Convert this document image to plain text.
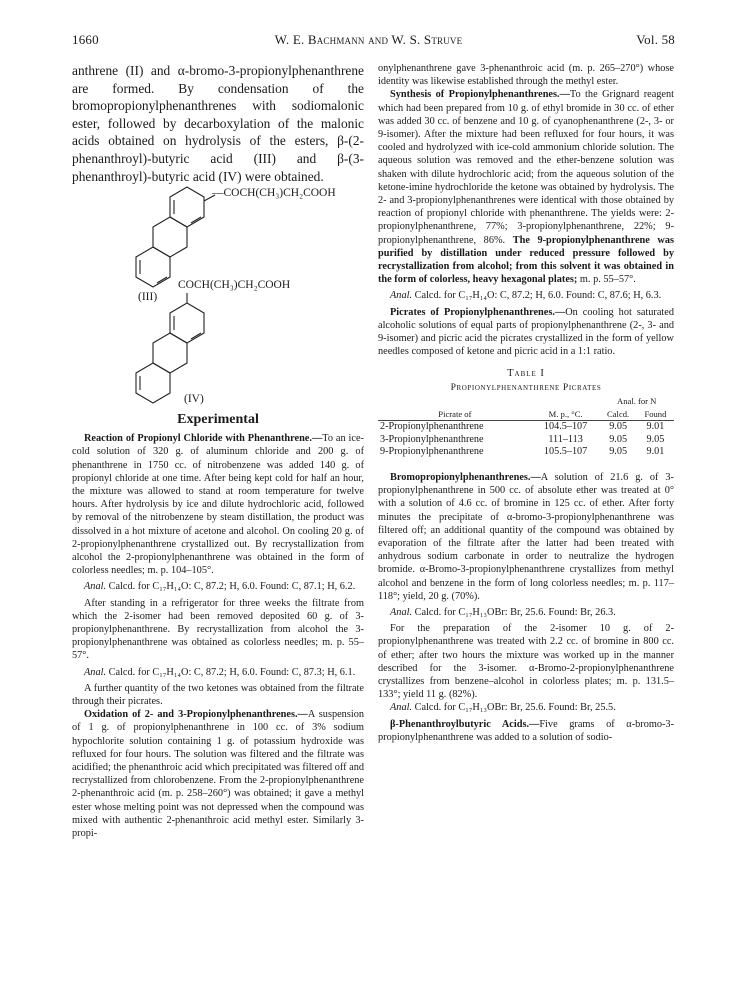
1660	W. E. Bachmann and W. S. Struve	Vol. 58

anthrene (II) and α-bromo-3-propionylphenanthrene are formed. By condensation of the bromopropionylphenanthrenes with sodiomalonic ester, followed by decarboxylation of the malonic acids obtained on hydrolysis of the esters, β-(2-phenanthroyl)-butyric acid (III) and β-(3-phenanthroyl)-butyric acid (IV) were obtained.

—COCH(CH₃)CH₂COOH
(III)
COCH(CH₃)CH₂COOH
(IV)
Experimental

Reaction of Propionyl Chloride with Phenanthrene.—To an ice-cold solution of 320 g. of aluminum chloride and 200 g. of phenanthrene in 1750 cc. of nitrobenzene was added 140 g. of propionyl chloride at one time. After being kept cold for half an hour, the mixture was allowed to stand at room temperature for twelve hours. After hydrolysis by ice and dilute hydrochloric acid, followed by removal of the nitrobenzene by steam distillation, the product was dissolved in a hot mixture of acetone and alcohol. On cooling 20 g. of 2-propionylphenanthrene crystallized out. By recrystallization from alcohol the 2-propionylphenanthrene was obtained in the form of colorless needles; m. p. 104–105°.

Anal. Calcd. for C₁₇H₁₄O: C, 87.2; H, 6.0. Found: C, 87.1; H, 6.2.

After standing in a refrigerator for three weeks the filtrate from which the 2-isomer had been removed deposited 60 g. of 3-propionylphenanthrene. By recrystallization from alcohol the 3-propionylphenanthrene was obtained as colorless needles; m. p. 55–57°.

Anal. Calcd. for C₁₇H₁₄O: C, 87.2; H, 6.0. Found: C, 87.3; H, 6.1.

A further quantity of the two ketones was obtained from the filtrate through their picrates.

Oxidation of 2- and 3-Propionylphenanthrenes.—A suspension of 1 g. of propionylphenanthrene in 100 cc. of 3% sodium hypochlorite solution containing 1 g. of potassium hydroxide was refluxed for four hours. The solution was filtered and the filtrate was acidified; the phenanthroic acid which precipitated was filtered off and recrystallized from chlorobenzene. From the 2-propionylphenanthrene 2-phenanthroic acid (m. p. 258–260°) was obtained; it gave a methyl ester whose melting point was not depressed when the compound was mixed with authentic 2-phenanthroic acid methyl ester. Similarly 3-propi-

onylphenanthrene gave 3-phenanthroic acid (m. p. 265–270°) whose identity was likewise established through the methyl ester.

Synthesis of Propionylphenanthrenes.—To the Grignard reagent which had been prepared from 10 g. of ethyl bromide in 30 cc. of ether was added 30 cc. of benzene and 10 g. of cyanophenanthrene (2-, 3- or 9-isomer). After the mixture had been refluxed for four hours, it was cooled and hydrolyzed with ice-cold ammonium chloride solution. The aqueous solution was removed and the ether-benzene solution was shaken with dilute hydrochloric acid; from the aqueous solution of the ketone-imine hydrochloride the ketone was obtained by hydrolysis. The 2- and 3-propionylphenanthrenes were identical with those obtained by reaction of propionyl chloride with phenanthrene. The yields were: 2-propionylphenanthrene, 77%; 3-propionylphenanthrene, 22%; 9-propionylphenanthrene, 86%. The 9-propionylphenanthrene was purified by distillation under reduced pressure followed by recrystallization from alcohol; from this solvent it was obtained in the form of colorless, heavy hexagonal plates; m. p. 55–57°.

Anal. Calcd. for C₁₇H₁₄O: C, 87.2; H, 6.0. Found: C, 87.6; H, 6.3.

Picrates of Propionylphenanthrenes.—On cooling hot saturated alcoholic solutions of equal parts of propionylphenanthrene (2-, 3- and 9-isomer) and picric acid the picrates crystallized in the form of yellow needles composed of ketone and picric acid in a 1:1 ratio.

Table I
Propionylphenanthrene Picrates
		Anal. for N	
Picrate of	M. p., °C.	Calcd.	Found
2-Propionylphenanthrene	104.5–107	9.05	9.01
3-Propionylphenanthrene	111–113	9.05	9.05
9-Propionylphenanthrene	105.5–107	9.05	9.01

Bromopropionylphenanthrenes.—A solution of 21.6 g. of 3-propionylphenanthrene in 500 cc. of absolute ether was treated at 0° with a solution of 4.6 cc. of bromine in 125 cc. of ether. After forty minutes the precipitate of α-bromo-3-propionylphenanthrene was filtered off; an additional quantity of the compound was obtained by evaporation of the filtrate after the latter had been treated with anhydrous sodium carbonate in order to neutralize the hydrogen bromide. α-Bromo-3-propionylphenanthrene crystallizes from methyl alcohol and benzene in the form of long colorless needles; m. p. 117–118°; yield, 20 g. (70%).

Anal. Calcd. for C₁₇H₁₃OBr: Br, 25.6. Found: Br, 26.3.

For the preparation of the 2-isomer 10 g. of 2-propionylphenanthrene was treated with 2.2 cc. of bromine in 800 cc. of ether; after two hours the mixture was worked up in the manner described for the 3-isomer. α-Bromo-2-propionylphenanthrene crystallizes from benzene–alcohol in colorless plates; m. p. 131.5–133°; yield 11 g. (82%).

Anal. Calcd. for C₁₇H₁₃OBr: Br, 25.6. Found: Br, 25.5.

β-Phenanthroylbutyric Acids.—Five grams of α-bromo-3-propionylphenanthrene was added to a solution of sodio-
